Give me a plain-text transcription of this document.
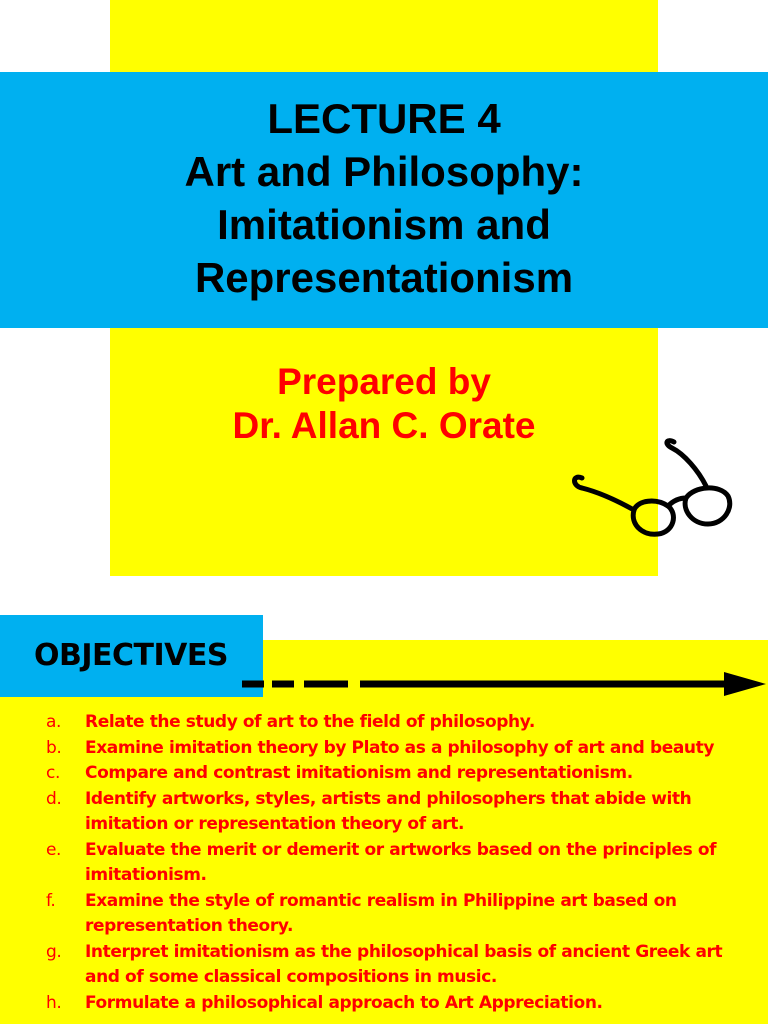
LECTURE 4
Art and Philosophy:
Imitationism and
Representationism
Prepared by
Dr. Allan C. Orate
OBJECTIVES
a. Relate the study of art to the field of philosophy.
b. Examine imitation theory by Plato as a philosophy of art and beauty
c. Compare and contrast imitationism and representationism.
d. Identify artworks, styles, artists and philosophers that abide with imitation or representation theory of art.
e. Evaluate the merit or demerit or artworks based on the principles of imitationism.
f. Examine the style of romantic realism in Philippine art based on representation theory.
g. Interpret imitationism as the philosophical basis of ancient Greek art and of some classical compositions in music.
h. Formulate a philosophical approach to Art Appreciation.
